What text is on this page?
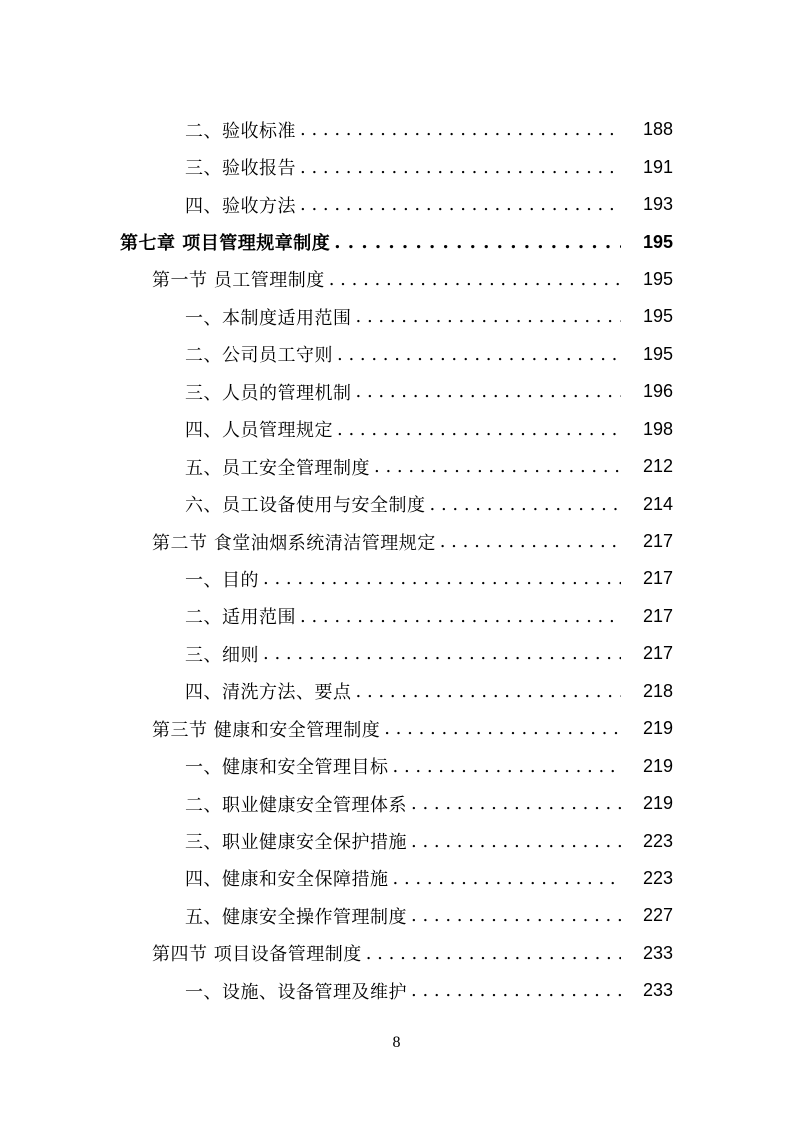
二、验收标准 . . .	188
三、验收报告 . . .	191
四、验收方法 . . .	193
第七章 项目管理规章制度 . . .	195
第一节 员工管理制度 . . .	195
一、本制度适用范围 . . .	195
二、公司员工守则 . . .	195
三、人员的管理机制 . . .	196
四、人员管理规定 . . .	198
五、员工安全管理制度 . . .	212
六、员工设备使用与安全制度 . . .	214
第二节 食堂油烟系统清洁管理规定 . . .	217
一、目的 . . .	217
二、适用范围 . . .	217
三、细则 . . .	217
四、清洗方法、要点 . . .	218
第三节 健康和安全管理制度 . . .	219
一、健康和安全管理目标 . . .	219
二、职业健康安全管理体系 . . .	219
三、职业健康安全保护措施 . . .	223
四、健康和安全保障措施 . . .	223
五、健康安全操作管理制度 . . .	227
第四节 项目设备管理制度 . . .	233
一、设施、设备管理及维护 . . .	233
8
